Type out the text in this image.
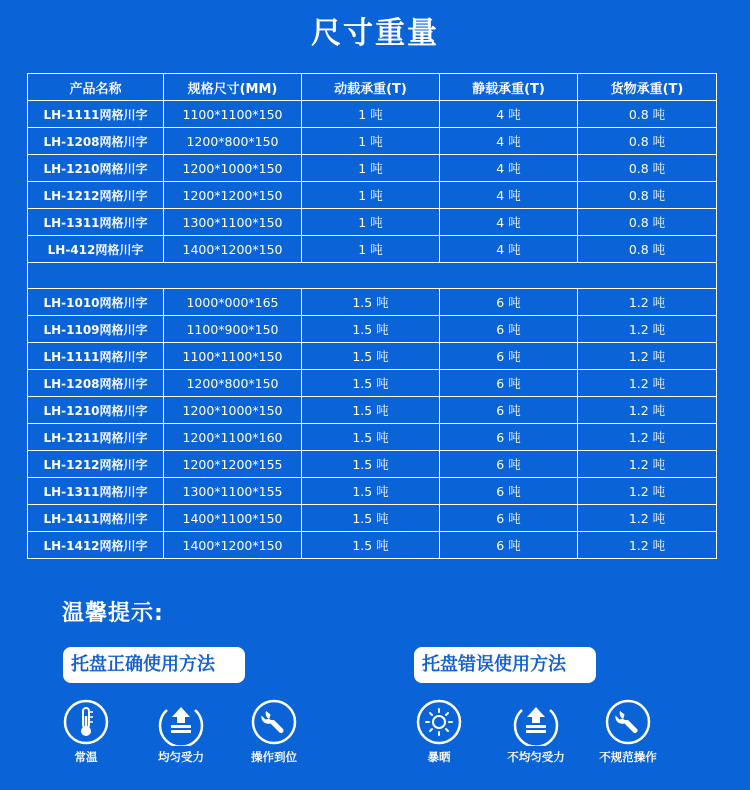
尺寸重量
产品名称	规格尺寸(MM)	动载承重(T)	静载承重(T)	货物承重(T)
LH-1111网格川字	1100*1100*150	1 吨	4 吨	0.8 吨
LH-1208网格川字	1200*800*150	1 吨	4 吨	0.8 吨
LH-1210网格川字	1200*1000*150	1 吨	4 吨	0.8 吨
LH-1212网格川字	1200*1200*150	1 吨	4 吨	0.8 吨
LH-1311网格川字	1300*1100*150	1 吨	4 吨	0.8 吨
LH-412网格川字	1400*1200*150	1 吨	4 吨	0.8 吨

LH-1010网格川字	1000*000*165	1.5 吨	6 吨	1.2 吨
LH-1109网格川字	1100*900*150	1.5 吨	6 吨	1.2 吨
LH-1111网格川字	1100*1100*150	1.5 吨	6 吨	1.2 吨
LH-1208网格川字	1200*800*150	1.5 吨	6 吨	1.2 吨
LH-1210网格川字	1200*1000*150	1.5 吨	6 吨	1.2 吨
LH-1211网格川字	1200*1100*160	1.5 吨	6 吨	1.2 吨
LH-1212网格川字	1200*1200*155	1.5 吨	6 吨	1.2 吨
LH-1311网格川字	1300*1100*155	1.5 吨	6 吨	1.2 吨
LH-1411网格川字	1400*1100*150	1.5 吨	6 吨	1.2 吨
LH-1412网格川字	1400*1200*150	1.5 吨	6 吨	1.2 吨
温馨提示:
托盘正确使用方法	托盘错误使用方法
常温	均匀受力	操作到位	暴晒	不均匀受力	不规范操作
